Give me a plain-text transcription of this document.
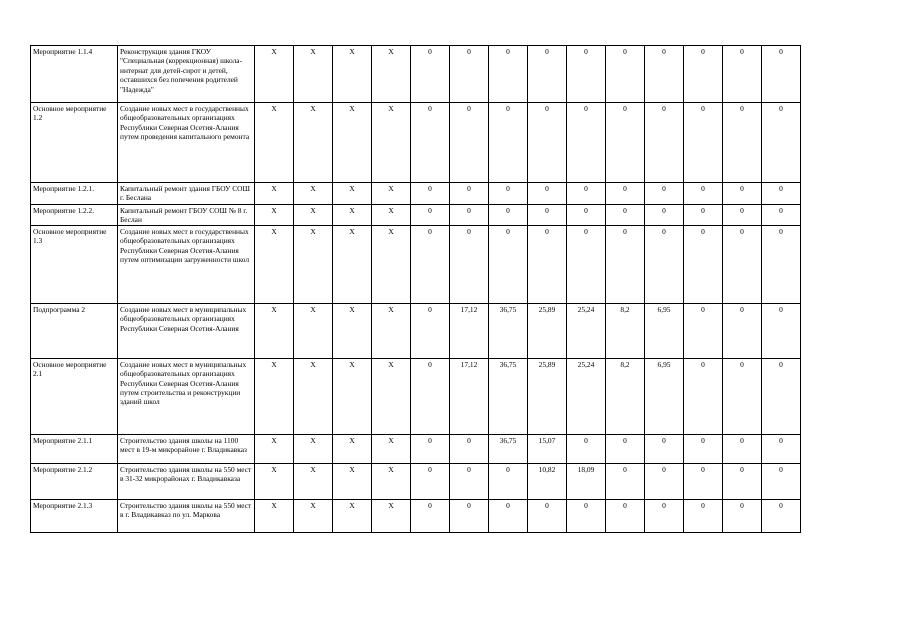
Мероприятие 1.1.4	Реконструкция здания ГКОУ "Специальная (коррекционная) школа-интернат для детей-сирот и детей, оставшихся без попечения родителей "Надежда"	X	X	X	X	0	0	0	0	0	0	0	0	0	0
Основное мероприятие 1.2	Создание новых мест в государственных общеобразовательных организациях Республики Северная Осетия-Алания путем проведения капитального ремонта	X	X	X	X	0	0	0	0	0	0	0	0	0	0
Мероприятие 1.2.1.	Капитальный ремонт здания ГБОУ СОШ г. Беслана	X	X	X	X	0	0	0	0	0	0	0	0	0	0
Мероприятие 1.2.2.	Капитальный ремонт ГБОУ СОШ № 8 г. Беслан	X	X	X	X	0	0	0	0	0	0	0	0	0	0
Основное мероприятие 1.3	Создание новых мест в государственных общеобразовательных организациях Республики Северная Осетия-Алания путем оптимизации загруженности школ	X	X	X	X	0	0	0	0	0	0	0	0	0	0
Подпрограмма 2	Создание новых мест в муниципальных общеобразовательных организациях Республики Северная Осетия-Алания	X	X	X	X	0	17,12	36,75	25,89	25,24	8,2	6,95	0	0	0
Основное мероприятие 2.1	Создание новых мест в муниципальных общеобразовательных организациях Республики Северная Осетия-Алания путем строительства и реконструкции зданий школ	X	X	X	X	0	17,12	36,75	25,89	25,24	8,2	6,95	0	0	0
Мероприятие 2.1.1	Строительство здания школы на 1100 мест в 19-м микрорайоне г. Владикавказ	X	X	X	X	0	0	36,75	15,07	0	0	0	0	0	0
Мероприятие 2.1.2	Строительство здания школы на 550 мест в 31-32 микрорайонах г. Владикавказа	X	X	X	X	0	0	0	10,82	18,09	0	0	0	0	0
Мероприятие 2.1.3	Строительство здания школы на 550 мест в г. Владикавказ по ул. Маркова	X	X	X	X	0	0	0	0	0	0	0	0	0	0
